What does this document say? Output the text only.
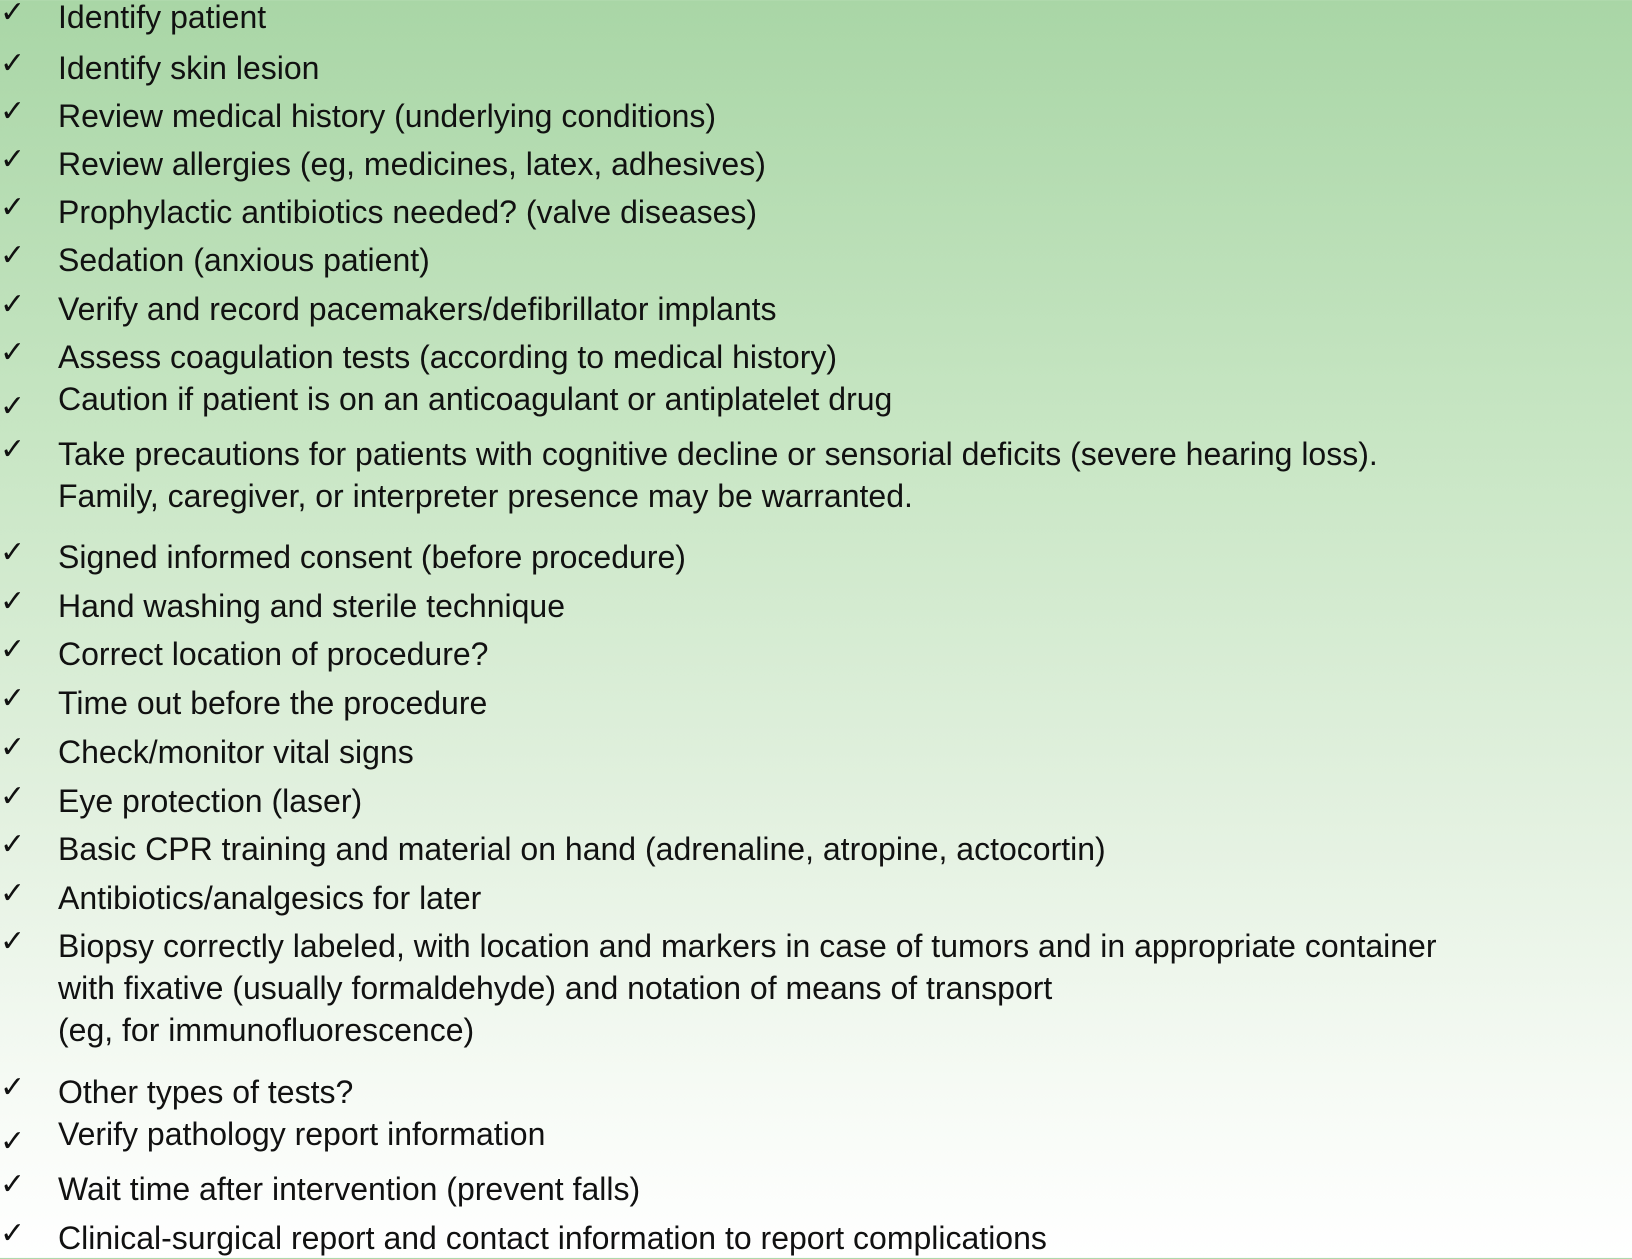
✓ Identify patient
✓ Identify skin lesion
✓ Review medical history (underlying conditions)
✓ Review allergies (eg, medicines, latex, adhesives)
✓ Prophylactic antibiotics needed? (valve diseases)
✓ Sedation (anxious patient)
✓ Verify and record pacemakers/defibrillator implants
✓ Assess coagulation tests (according to medical history)
✓ Caution if patient is on an anticoagulant or antiplatelet drug
✓ Take precautions for patients with cognitive decline or sensorial deficits (severe hearing loss).
Family, caregiver, or interpreter presence may be warranted.
✓ Signed informed consent (before procedure)
✓ Hand washing and sterile technique
✓ Correct location of procedure?
✓ Time out before the procedure
✓ Check/monitor vital signs
✓ Eye protection (laser)
✓ Basic CPR training and material on hand (adrenaline, atropine, actocortin)
✓ Antibiotics/analgesics for later
✓ Biopsy correctly labeled, with location and markers in case of tumors and in appropriate container
with fixative (usually formaldehyde) and notation of means of transport
(eg, for immunofluorescence)
✓ Other types of tests?
✓ Verify pathology report information
✓ Wait time after intervention (prevent falls)
✓ Clinical-surgical report and contact information to report complications
